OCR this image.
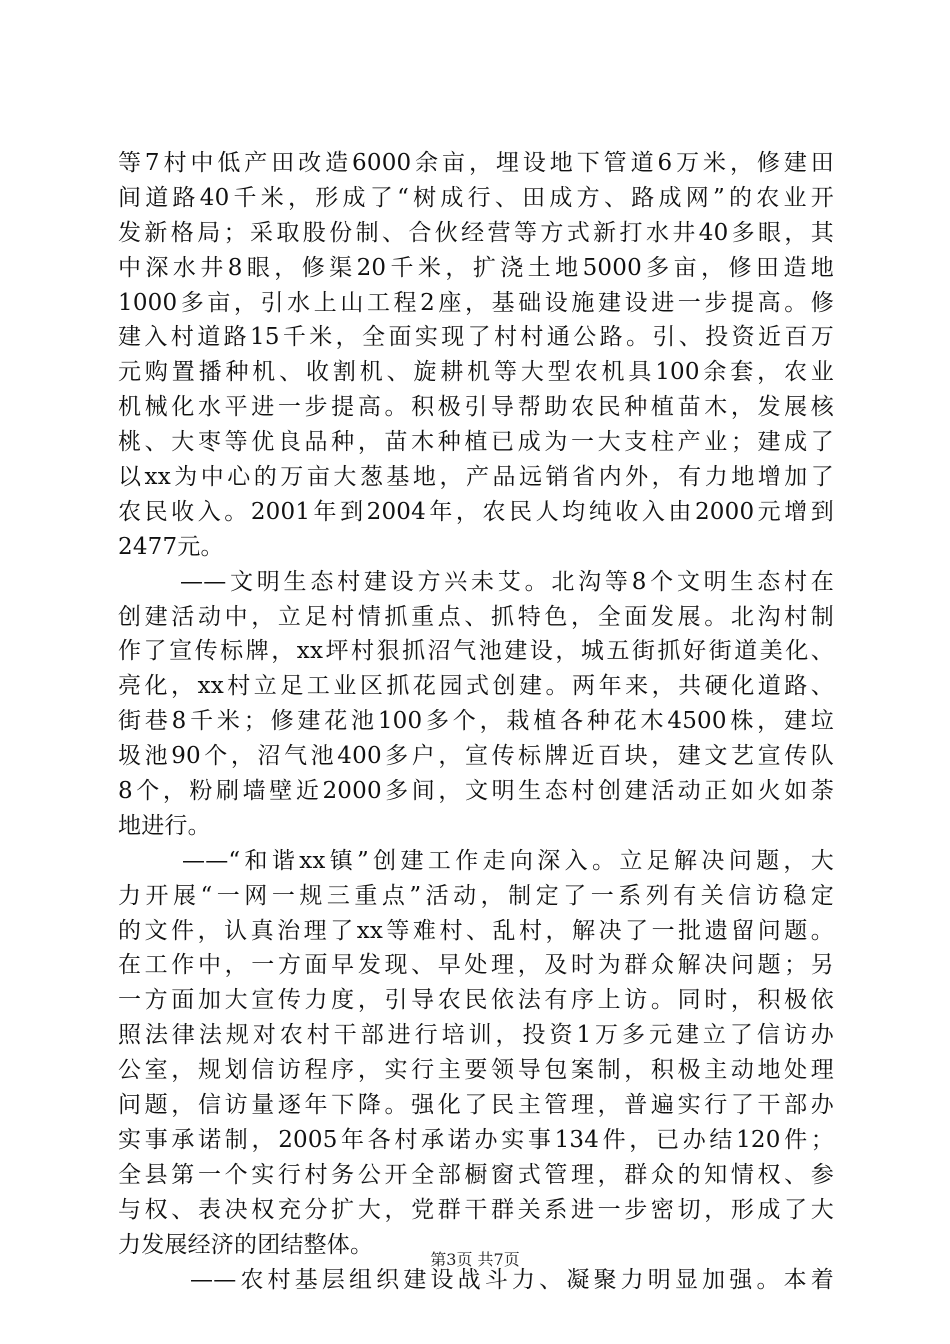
等7村中低产田改造6000余亩，埋设地下管道6万米，修建田
间道路40千米，形成了“树成行、田成方、路成网”的农业开
发新格局；采取股份制、合伙经营等方式新打水井40多眼，其
中深水井8眼，修渠20千米，扩浇土地5000多亩，修田造地
1000多亩，引水上山工程2座，基础设施建设进一步提高。修
建入村道路15千米，全面实现了村村通公路。引、投资近百万
元购置播种机、收割机、旋耕机等大型农机具100余套，农业
机械化水平进一步提高。积极引导帮助农民种植苗木，发展核
桃、大枣等优良品种，苗木种植已成为一大支柱产业；建成了
以xx为中心的万亩大葱基地，产品远销省内外，有力地增加了
农民收入。2001年到2004年，农民人均纯收入由2000元增到
2477元。
——文明生态村建设方兴未艾。北沟等8个文明生态村在
创建活动中，立足村情抓重点、抓特色，全面发展。北沟村制
作了宣传标牌，xx坪村狠抓沼气池建设，城五街抓好街道美化、
亮化，xx村立足工业区抓花园式创建。两年来，共硬化道路、
街巷8千米；修建花池100多个，栽植各种花木4500株，建垃
圾池90个，沼气池400多户，宣传标牌近百块，建文艺宣传队
8个，粉刷墙壁近2000多间，文明生态村创建活动正如火如荼
地进行。
——“和谐xx镇”创建工作走向深入。立足解决问题，大
力开展“一网一规三重点”活动，制定了一系列有关信访稳定
的文件，认真治理了xx等难村、乱村，解决了一批遗留问题。
在工作中，一方面早发现、早处理，及时为群众解决问题；另
一方面加大宣传力度，引导农民依法有序上访。同时，积极依
照法律法规对农村干部进行培训，投资1万多元建立了信访办
公室，规划信访程序，实行主要领导包案制，积极主动地处理
问题，信访量逐年下降。强化了民主管理，普遍实行了干部办
实事承诺制，2005年各村承诺办实事134件，已办结120件；
全县第一个实行村务公开全部橱窗式管理，群众的知情权、参
与权、表决权充分扩大，党群干群关系进一步密切，形成了大
力发展经济的团结整体。
——农村基层组织建设战斗力、凝聚力明显加强。本着
第3页 共7页
